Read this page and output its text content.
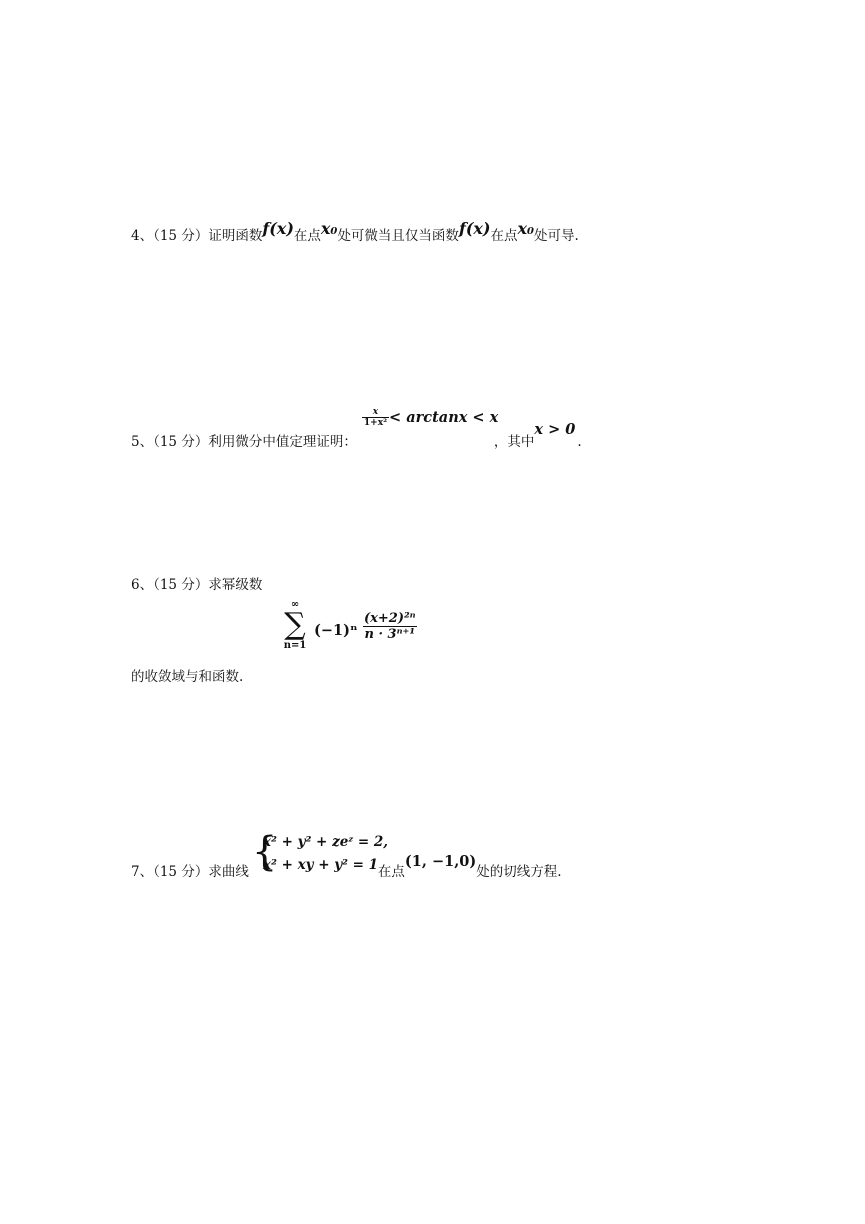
4、（15 分）证明函数f(x)在点x₀处可微当且仅当函数f(x)在点x₀处可导.
$_{5、(15 分)利用微分中值定理证明:}$
$\frac{x}{\text{1+x²}} < \arctan x < x_{,其中}x > 0_.$
6、（15 分）求幂级数
∞
∑
n=1
$(-1)^n \frac{\text{(x+2)²ⁿ}}{\text{n · 3ⁿ⁺¹}}$
的收敛域与和函数.
$_{7、(15 分)求曲线}$ {
x² + y² + zeᶻ = 2,
x² + xy + y² = 1 $_{在点}$(1, $-1,0)_{处的切线方程.}$
